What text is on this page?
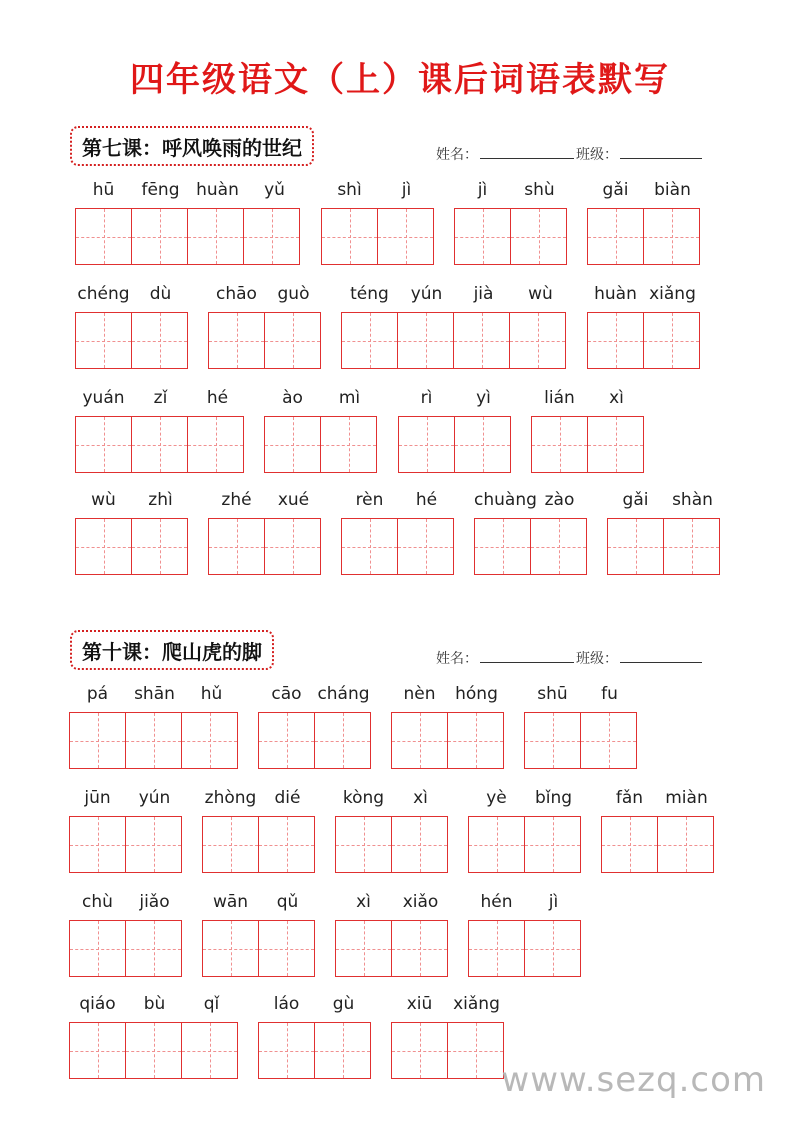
四年级语文（上）课后词语表默写
第七课：呼风唤雨的世纪	姓名：	班级：
hū	fēng huàn	yǔ	shì	jì	jì	shù	gǎi	biàn
chéng	dù	chāo	guò	téng	yún	jià	wù	huàn xiǎng
yuán	zǐ	hé	ào	mì	rì	yì	lián	xì
wù	zhì	zhé	xué	rèn	hé	chuàng zào	gǎi	shàn
第十课：爬山虎的脚	姓名：	班级：
pá	shān	hǔ	cāo cháng	nèn	hóng	shū	fu
jūn	yún	zhòng	dié	kòng	xì	yè	bǐng	fǎn	miàn
chù	jiǎo	wān	qǔ	xì	xiǎo	hén	jì
qiáo	bù	qǐ	láo	gù	xiū	xiǎng
www.sezq.com
